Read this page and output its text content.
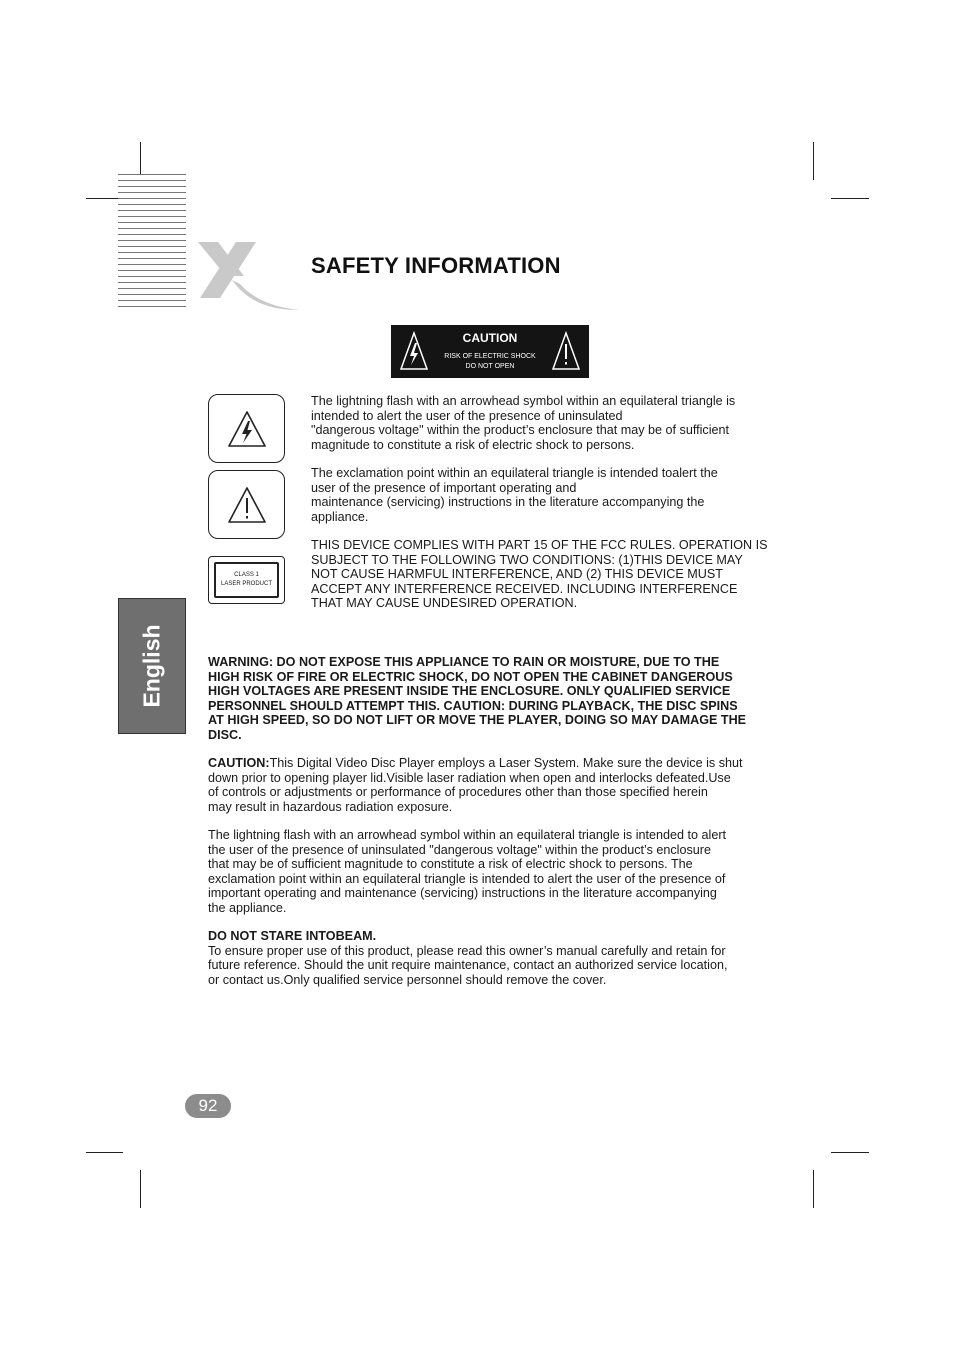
SAFETY INFORMATION
CAUTION
RISK OF ELECTRIC SHOCK
DO NOT OPEN
CLASS 1
LASER PRODUCT
The lightning flash with an arrowhead symbol within an equilateral triangle is
intended to alert the user of the presence of uninsulated
"dangerous voltage" within the product’s enclosure that may be of sufficient
magnitude to constitute a risk of electric shock to persons.
The exclamation point within an equilateral triangle is intended toalert the
user of the presence of important operating and
maintenance (servicing) instructions in the literature accompanying the
appliance.
THIS DEVICE COMPLIES WITH PART 15 OF THE FCC RULES. OPERATION IS
SUBJECT TO THE FOLLOWING TWO CONDITIONS: (1)THIS DEVICE MAY
NOT CAUSE HARMFUL INTERFERENCE, AND (2) THIS DEVICE MUST
ACCEPT ANY INTERFERENCE RECEIVED. INCLUDING INTERFERENCE
THAT MAY CAUSE UNDESIRED OPERATION.
English	WARNING: DO NOT EXPOSE THIS APPLIANCE TO RAIN OR MOISTURE, DUE TO THE
HIGH RISK OF FIRE OR ELECTRIC SHOCK, DO NOT OPEN THE CABINET DANGEROUS
HIGH VOLTAGES ARE PRESENT INSIDE THE ENCLOSURE. ONLY QUALIFIED SERVICE
PERSONNEL SHOULD ATTEMPT THIS. CAUTION: DURING PLAYBACK, THE DISC SPINS
AT HIGH SPEED, SO DO NOT LIFT OR MOVE THE PLAYER, DOING SO MAY DAMAGE THE
DISC.
CAUTION:This Digital Video Disc Player employs a Laser System. Make sure the device is shut
down prior to opening player lid.Visible laser radiation when open and interlocks defeated.Use
of controls or adjustments or performance of procedures other than those specified herein
may result in hazardous radiation exposure.
The lightning flash with an arrowhead symbol within an equilateral triangle is intended to alert
the user of the presence of uninsulated "dangerous voltage" within the product’s enclosure
that may be of sufficient magnitude to constitute a risk of electric shock to persons. The
exclamation point within an equilateral triangle is intended to alert the user of the presence of
important operating and maintenance (servicing) instructions in the literature accompanying
the appliance.
DO NOT STARE INTOBEAM.
To ensure proper use of this product, please read this owner’s manual carefully and retain for
future reference. Should the unit require maintenance, contact an authorized service location,
or contact us.Only qualified service personnel should remove the cover.
92
